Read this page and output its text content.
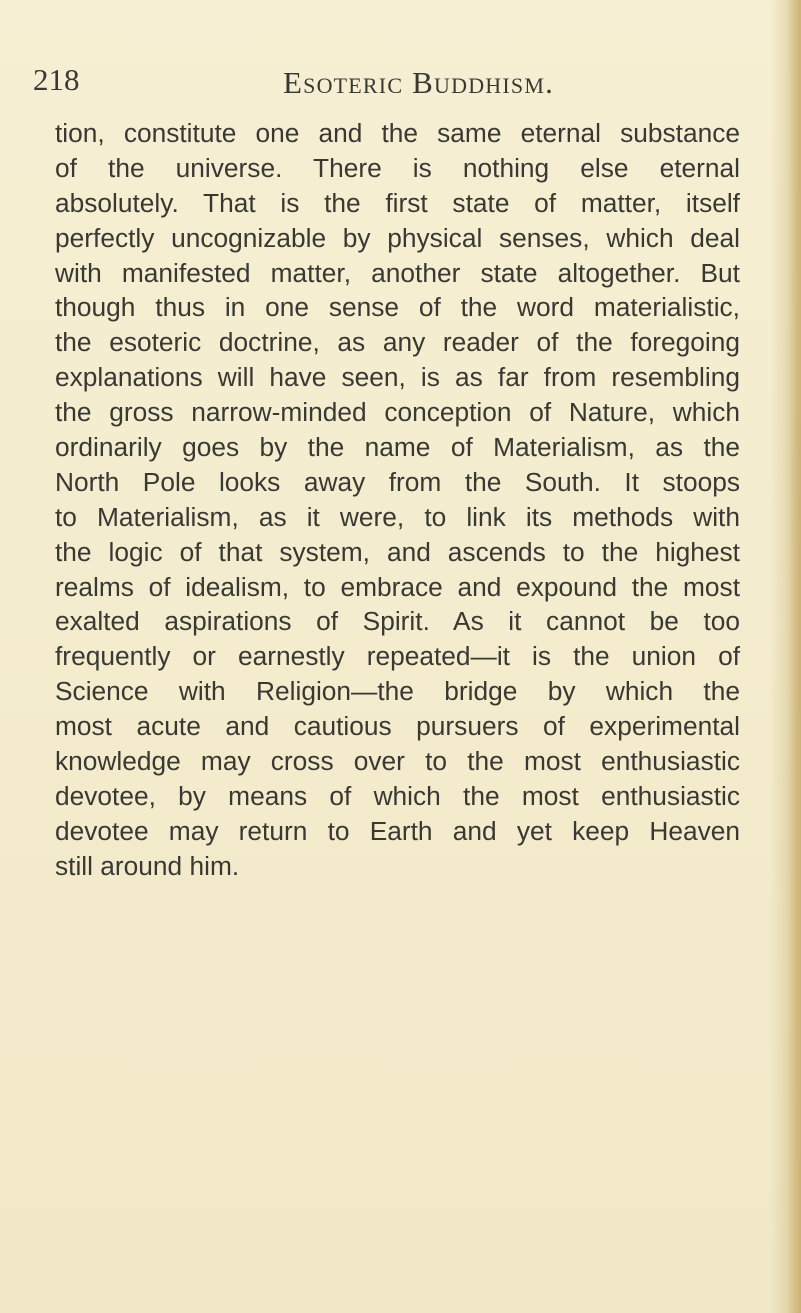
218	Esoteric Buddhism.
tion, constitute one and the same eternal substance
of the universe. There is nothing else eternal
absolutely. That is the first state of matter, itself
perfectly uncognizable by physical senses, which deal
with manifested matter, another state altogether. But
though thus in one sense of the word materialistic,
the esoteric doctrine, as any reader of the foregoing
explanations will have seen, is as far from resembling
the gross narrow-minded conception of Nature, which
ordinarily goes by the name of Materialism, as the
North Pole looks away from the South. It stoops
to Materialism, as it were, to link its methods with
the logic of that system, and ascends to the highest
realms of idealism, to embrace and expound the most
exalted aspirations of Spirit. As it cannot be too
frequently or earnestly repeated—it is the union of
Science with Religion—the bridge by which the
most acute and cautious pursuers of experimental
knowledge may cross over to the most enthusiastic
devotee, by means of which the most enthusiastic
devotee may return to Earth and yet keep Heaven
still around him.
